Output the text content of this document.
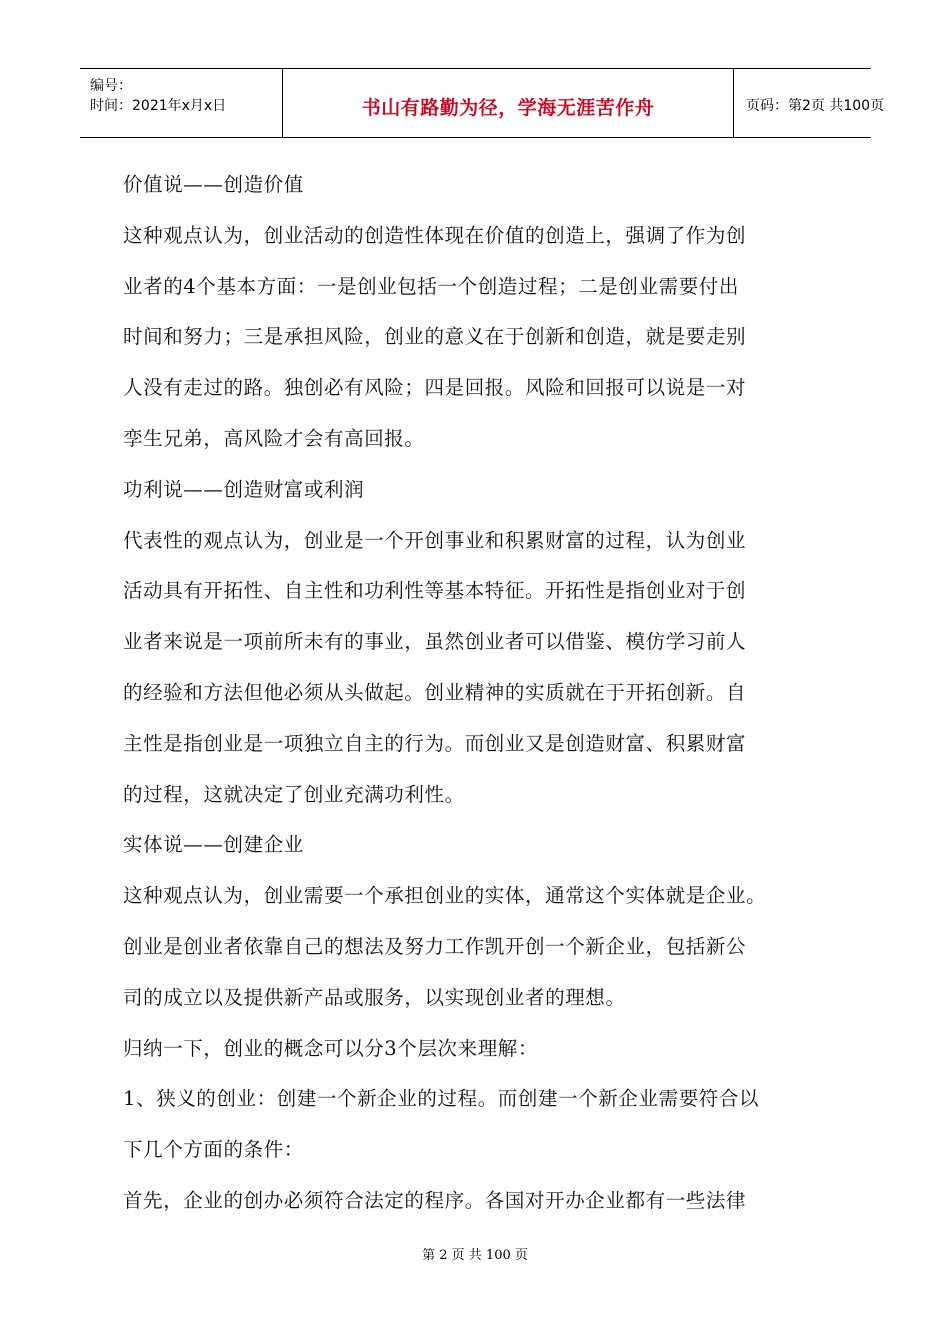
编号：
时间：2021年x月x日	书山有路勤为径，学海无涯苦作舟	页码：第2页 共100页
价值说——创造价值
这种观点认为，创业活动的创造性体现在价值的创造上，强调了作为创
业者的4个基本方面：一是创业包括一个创造过程；二是创业需要付出
时间和努力；三是承担风险，创业的意义在于创新和创造，就是要走别
人没有走过的路。独创必有风险；四是回报。风险和回报可以说是一对
孪生兄弟，高风险才会有高回报。
功利说——创造财富或利润
代表性的观点认为，创业是一个开创事业和积累财富的过程，认为创业
活动具有开拓性、自主性和功利性等基本特征。开拓性是指创业对于创
业者来说是一项前所未有的事业，虽然创业者可以借鉴、模仿学习前人
的经验和方法但他必须从头做起。创业精神的实质就在于开拓创新。自
主性是指创业是一项独立自主的行为。而创业又是创造财富、积累财富
的过程，这就决定了创业充满功利性。
实体说——创建企业
这种观点认为，创业需要一个承担创业的实体，通常这个实体就是企业。
创业是创业者依靠自己的想法及努力工作凯开创一个新企业，包括新公
司的成立以及提供新产品或服务，以实现创业者的理想。
归纳一下，创业的概念可以分3个层次来理解：
1、狭义的创业：创建一个新企业的过程。而创建一个新企业需要符合以
下几个方面的条件：
首先，企业的创办必须符合法定的程序。各国对开办企业都有一些法律
第 2 页 共 100 页
